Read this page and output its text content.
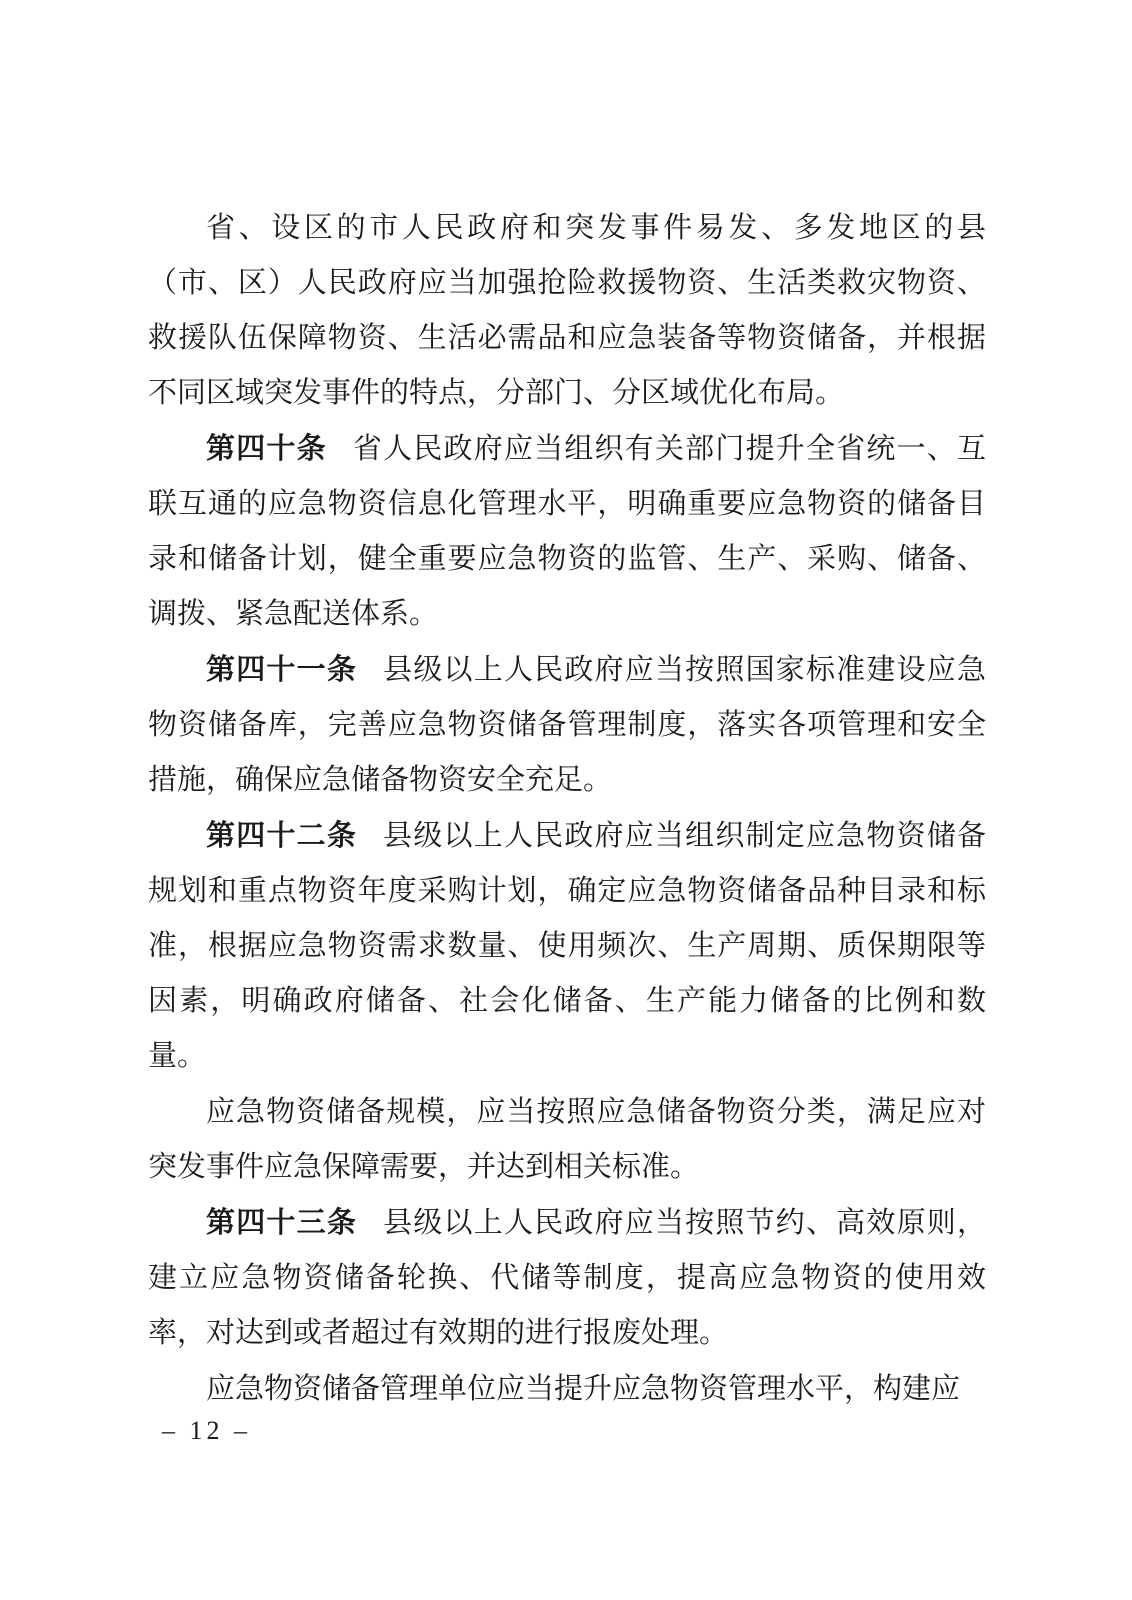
省、设区的市人民政府和突发事件易发、多发地区的县（市、区）人民政府应当加强抢险救援物资、生活类救灾物资、救援队伍保障物资、生活必需品和应急装备等物资储备，并根据不同区域突发事件的特点，分部门、分区域优化布局。

第四十条 省人民政府应当组织有关部门提升全省统一、互联互通的应急物资信息化管理水平，明确重要应急物资的储备目录和储备计划，健全重要应急物资的监管、生产、采购、储备、调拨、紧急配送体系。

第四十一条 县级以上人民政府应当按照国家标准建设应急物资储备库，完善应急物资储备管理制度，落实各项管理和安全措施，确保应急储备物资安全充足。

第四十二条 县级以上人民政府应当组织制定应急物资储备规划和重点物资年度采购计划，确定应急物资储备品种目录和标准，根据应急物资需求数量、使用频次、生产周期、质保期限等因素，明确政府储备、社会化储备、生产能力储备的比例和数量。

应急物资储备规模，应当按照应急储备物资分类，满足应对突发事件应急保障需要，并达到相关标准。

第四十三条 县级以上人民政府应当按照节约、高效原则，建立应急物资储备轮换、代储等制度，提高应急物资的使用效率，对达到或者超过有效期的进行报废处理。

应急物资储备管理单位应当提升应急物资管理水平，构建应

– 12 –
